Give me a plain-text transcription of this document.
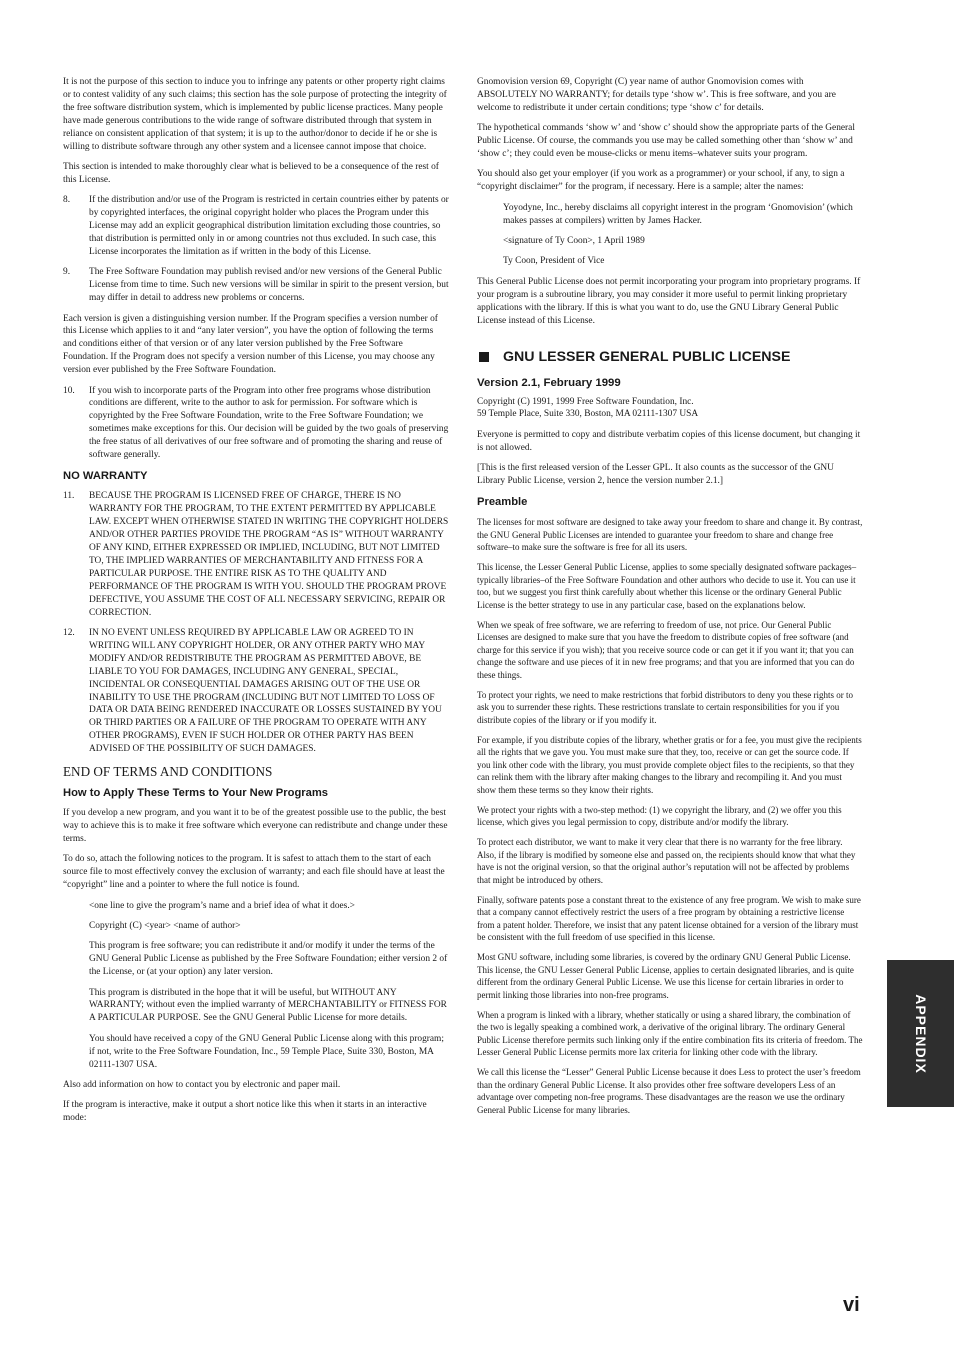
It is not the purpose of this section to induce you to infringe any patents or other property right claims or to contest validity of any such claims; this section has the sole purpose of protecting the integrity of the free software distribution system, which is implemented by public license practices. Many people have made generous contributions to the wide range of software distributed through that system in reliance on consistent application of that system; it is up to the author/donor to decide if he or she is willing to distribute software through any other system and a licensee cannot impose that choice.

This section is intended to make thoroughly clear what is believed to be a consequence of the rest of this License.

8.	If the distribution and/or use of the Program is restricted in certain countries either by patents or by copyrighted interfaces, the original copyright holder who places the Program under this License may add an explicit geographical distribution limitation excluding those countries, so that distribution is permitted only in or among countries not thus excluded. In such case, this License incorporates the limitation as if written in the body of this License.
9.	The Free Software Foundation may publish revised and/or new versions of the General Public License from time to time. Such new versions will be similar in spirit to the present version, but may differ in detail to address new problems or concerns.

Each version is given a distinguishing version number. If the Program specifies a version number of this License which applies to it and “any later version”, you have the option of following the terms and conditions either of that version or of any later version published by the Free Software Foundation. If the Program does not specify a version number of this License, you may choose any version ever published by the Free Software Foundation.

10.	If you wish to incorporate parts of the Program into other free programs whose distribution conditions are different, write to the author to ask for permission. For software which is copyrighted by the Free Software Foundation, write to the Free Software Foundation; we sometimes make exceptions for this. Our decision will be guided by the two goals of preserving the free status of all derivatives of our free software and of promoting the sharing and reuse of software generally.
NO WARRANTY
11.	BECAUSE THE PROGRAM IS LICENSED FREE OF CHARGE, THERE IS NO WARRANTY FOR THE PROGRAM, TO THE EXTENT PERMITTED BY APPLICABLE LAW. EXCEPT WHEN OTHERWISE STATED IN WRITING THE COPYRIGHT HOLDERS AND/OR OTHER PARTIES PROVIDE THE PROGRAM “AS IS” WITHOUT WARRANTY OF ANY KIND, EITHER EXPRESSED OR IMPLIED, INCLUDING, BUT NOT LIMITED TO, THE IMPLIED WARRANTIES OF MERCHANTABILITY AND FITNESS FOR A PARTICULAR PURPOSE. THE ENTIRE RISK AS TO THE QUALITY AND PERFORMANCE OF THE PROGRAM IS WITH YOU. SHOULD THE PROGRAM PROVE DEFECTIVE, YOU ASSUME THE COST OF ALL NECESSARY SERVICING, REPAIR OR CORRECTION.
12.	IN NO EVENT UNLESS REQUIRED BY APPLICABLE LAW OR AGREED TO IN WRITING WILL ANY COPYRIGHT HOLDER, OR ANY OTHER PARTY WHO MAY MODIFY AND/OR REDISTRIBUTE THE PROGRAM AS PERMITTED ABOVE, BE LIABLE TO YOU FOR DAMAGES, INCLUDING ANY GENERAL, SPECIAL, INCIDENTAL OR CONSEQUENTIAL DAMAGES ARISING OUT OF THE USE OR INABILITY TO USE THE PROGRAM (INCLUDING BUT NOT LIMITED TO LOSS OF DATA OR DATA BEING RENDERED INACCURATE OR LOSSES SUSTAINED BY YOU OR THIRD PARTIES OR A FAILURE OF THE PROGRAM TO OPERATE WITH ANY OTHER PROGRAMS), EVEN IF SUCH HOLDER OR OTHER PARTY HAS BEEN ADVISED OF THE POSSIBILITY OF SUCH DAMAGES.
END OF TERMS AND CONDITIONS
How to Apply These Terms to Your New Programs

If you develop a new program, and you want it to be of the greatest possible use to the public, the best way to achieve this is to make it free software which everyone can redistribute and change under these terms.

To do so, attach the following notices to the program. It is safest to attach them to the start of each source file to most effectively convey the exclusion of warranty; and each file should have at least the “copyright” line and a pointer to where the full notice is found.

<one line to give the program’s name and a brief idea of what it does.>

Copyright (C) <year> <name of author>

This program is free software; you can redistribute it and/or modify it under the terms of the GNU General Public License as published by the Free Software Foundation; either version 2 of the License, or (at your option) any later version.

This program is distributed in the hope that it will be useful, but WITHOUT ANY WARRANTY; without even the implied warranty of MERCHANTABILITY or FITNESS FOR A PARTICULAR PURPOSE. See the GNU General Public License for more details.

You should have received a copy of the GNU General Public License along with this program; if not, write to the Free Software Foundation, Inc., 59 Temple Place, Suite 330, Boston, MA 02111-1307 USA.

Also add information on how to contact you by electronic and paper mail.

If the program is interactive, make it output a short notice like this when it starts in an interactive mode:

Gnomovision version 69, Copyright (C) year name of author Gnomovision comes with ABSOLUTELY NO WARRANTY; for details type ‘show w’. This is free software, and you are welcome to redistribute it under certain conditions; type ‘show c’ for details.

The hypothetical commands ‘show w’ and ‘show c’ should show the appropriate parts of the General Public License. Of course, the commands you use may be called something other than ‘show w’ and ‘show c’; they could even be mouse-clicks or menu items–whatever suits your program.

You should also get your employer (if you work as a programmer) or your school, if any, to sign a “copyright disclaimer” for the program, if necessary. Here is a sample; alter the names:

Yoyodyne, Inc., hereby disclaims all copyright interest in the program ‘Gnomovision’ (which makes passes at compilers) written by James Hacker.

<signature of Ty Coon>, 1 April 1989

Ty Coon, President of Vice

This General Public License does not permit incorporating your program into proprietary programs. If your program is a subroutine library, you may consider it more useful to permit linking proprietary applications with the library. If this is what you want to do, use the GNU Library General Public License instead of this License.

GNU LESSER GENERAL PUBLIC LICENSE
Version 2.1, February 1999

Copyright (C) 1991, 1999 Free Software Foundation, Inc.
59 Temple Place, Suite 330, Boston, MA 02111-1307 USA

Everyone is permitted to copy and distribute verbatim copies of this license document, but changing it is not allowed.

[This is the first released version of the Lesser GPL. It also counts as the successor of the GNU Library Public License, version 2, hence the version number 2.1.]

Preamble

The licenses for most software are designed to take away your freedom to share and change it. By contrast, the GNU General Public Licenses are intended to guarantee your freedom to share and change free software–to make sure the software is free for all its users.

This license, the Lesser General Public License, applies to some specially designated software packages–typically libraries–of the Free Software Foundation and other authors who decide to use it. You can use it too, but we suggest you first think carefully about whether this license or the ordinary General Public License is the better strategy to use in any particular case, based on the explanations below.

When we speak of free software, we are referring to freedom of use, not price. Our General Public Licenses are designed to make sure that you have the freedom to distribute copies of free software (and charge for this service if you wish); that you receive source code or can get it if you want it; that you can change the software and use pieces of it in new free programs; and that you are informed that you can do these things.

To protect your rights, we need to make restrictions that forbid distributors to deny you these rights or to ask you to surrender these rights. These restrictions translate to certain responsibilities for you if you distribute copies of the library or if you modify it.

For example, if you distribute copies of the library, whether gratis or for a fee, you must give the recipients all the rights that we gave you. You must make sure that they, too, receive or can get the source code. If you link other code with the library, you must provide complete object files to the recipients, so that they can relink them with the library after making changes to the library and recompiling it. And you must show them these terms so they know their rights.

We protect your rights with a two-step method: (1) we copyright the library, and (2) we offer you this license, which gives you legal permission to copy, distribute and/or modify the library.

To protect each distributor, we want to make it very clear that there is no warranty for the free library. Also, if the library is modified by someone else and passed on, the recipients should know that what they have is not the original version, so that the original author’s reputation will not be affected by problems that might be introduced by others.

Finally, software patents pose a constant threat to the existence of any free program. We wish to make sure that a company cannot effectively restrict the users of a free program by obtaining a restrictive license from a patent holder. Therefore, we insist that any patent license obtained for a version of the library must be consistent with the full freedom of use specified in this license.

Most GNU software, including some libraries, is covered by the ordinary GNU General Public License. This license, the GNU Lesser General Public License, applies to certain designated libraries, and is quite different from the ordinary General Public License. We use this license for certain libraries in order to permit linking those libraries into non-free programs.

When a program is linked with a library, whether statically or using a shared library, the combination of the two is legally speaking a combined work, a derivative of the original library. The ordinary General Public License therefore permits such linking only if the entire combination fits its criteria of freedom. The Lesser General Public License permits more lax criteria for linking other code with the library.

We call this license the “Lesser” General Public License because it does Less to protect the user’s freedom than the ordinary General Public License. It also provides other free software developers Less of an advantage over competing non-free programs. These disadvantages are the reason we use the ordinary General Public License for many libraries.

APPENDIX
vi
